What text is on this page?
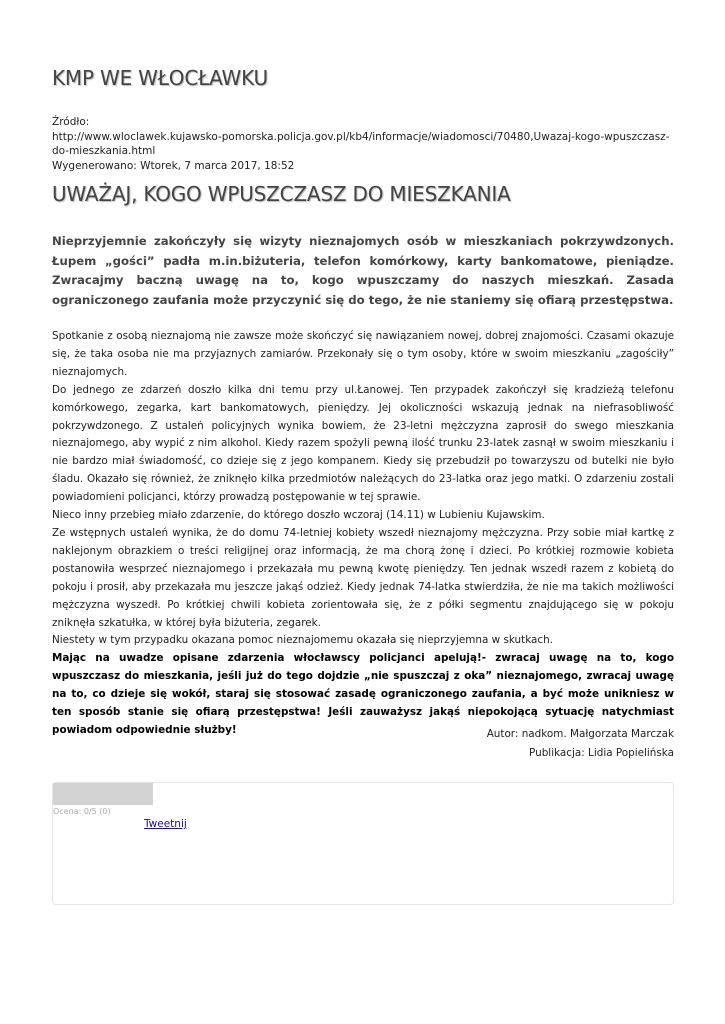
KMP WE WŁOCŁAWKU
Źródło:
http://www.wloclawek.kujawsko-pomorska.policja.gov.pl/kb4/informacje/wiadomosci/70480,Uwazaj-kogo-wpuszczasz-do-mieszkania.html
Wygenerowano: Wtorek, 7 marca 2017, 18:52
UWAŻAJ, KOGO WPUSZCZASZ DO MIESZKANIA

Nieprzyjemnie zakończyły się wizyty nieznajomych osób w mieszkaniach pokrzywdzonych. Łupem „gości” padła m.in.biżuteria, telefon komórkowy, karty bankomatowe, pieniądze. Zwracajmy baczną uwagę na to, kogo wpuszczamy do naszych mieszkań. Zasada ograniczonego zaufania może przyczynić się do tego, że nie staniemy się ofiarą przestępstwa.

Spotkanie z osobą nieznajomą nie zawsze może skończyć się nawiązaniem nowej, dobrej znajomości. Czasami okazuje się, że taka osoba nie ma przyjaznych zamiarów. Przekonały się o tym osoby, które w swoim mieszkaniu „zagościły” nieznajomych.

Do jednego ze zdarzeń doszło kilka dni temu przy ul.Łanowej. Ten przypadek zakończył się kradzieżą telefonu komórkowego, zegarka, kart bankomatowych, pieniędzy. Jej okoliczności wskazują jednak na niefrasobliwość pokrzywdzonego. Z ustaleń policyjnych wynika bowiem, że 23-letni mężczyzna zaprosił do swego mieszkania nieznajomego, aby wypić z nim alkohol. Kiedy razem spożyli pewną ilość trunku 23-latek zasnął w swoim mieszkaniu i nie bardzo miał świadomość, co dzieje się z jego kompanem. Kiedy się przebudził po towarzyszu od butelki nie było śladu. Okazało się również, że zniknęło kilka przedmiotów należących do 23-latka oraz jego matki. O zdarzeniu zostali powiadomieni policjanci, którzy prowadzą postępowanie w tej sprawie.

Nieco inny przebieg miało zdarzenie, do którego doszło wczoraj (14.11) w Lubieniu Kujawskim.

Ze wstępnych ustaleń wynika, że do domu 74-letniej kobiety wszedł nieznajomy mężczyzna. Przy sobie miał kartkę z naklejonym obrazkiem o treści religijnej oraz informacją, że ma chorą żonę i dzieci. Po krótkiej rozmowie kobieta postanowiła wesprzeć nieznajomego i przekazała mu pewną kwotę pieniędzy. Ten jednak wszedł razem z kobietą do pokoju i prosił, aby przekazała mu jeszcze jakąś odzież. Kiedy jednak 74-latka stwierdziła, że nie ma takich możliwości mężczyzna wyszedł. Po krótkiej chwili kobieta zorientowała się, że z półki segmentu znajdującego się w pokoju zniknęła szkatułka, w której była biżuteria, zegarek.

Niestety w tym przypadku okazana pomoc nieznajomemu okazała się nieprzyjemna w skutkach.

Mając na uwadze opisane zdarzenia włocławscy policjanci apelują!- zwracaj uwagę na to, kogo wpuszczasz do mieszkania, jeśli już do tego dojdzie „nie spuszczaj z oka” nieznajomego, zwracaj uwagę na to, co dzieje się wokół, staraj się stosować zasadę ograniczonego zaufania, a być może unikniesz w ten sposób stanie się ofiarą przestępstwa! Jeśli zauważysz jakąś niepokojącą sytuację natychmiast powiadom odpowiednie służby!	Autor: nadkom. Małgorzata Marczak
Publikacja: Lidia Popielińska
Ocena: 0/5 (0)
Tweetnij
